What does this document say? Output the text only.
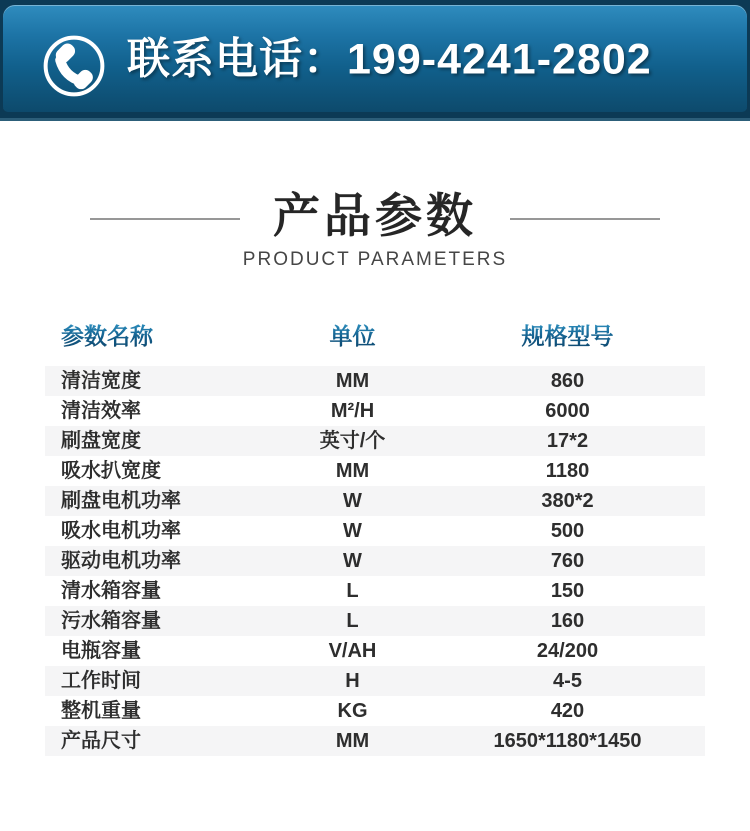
联系电话：199-4241-2802
产品参数
PRODUCT PARAMETERS
参数名称	单位	规格型号
清洁宽度	MM	860
清洁效率	M²/H	6000
刷盘宽度	英寸/个	17*2
吸水扒宽度	MM	1180
刷盘电机功率	W	380*2
吸水电机功率	W	500
驱动电机功率	W	760
清水箱容量	L	150
污水箱容量	L	160
电瓶容量	V/AH	24/200
工作时间	H	4-5
整机重量	KG	420
产品尺寸	MM	1650*1180*1450
